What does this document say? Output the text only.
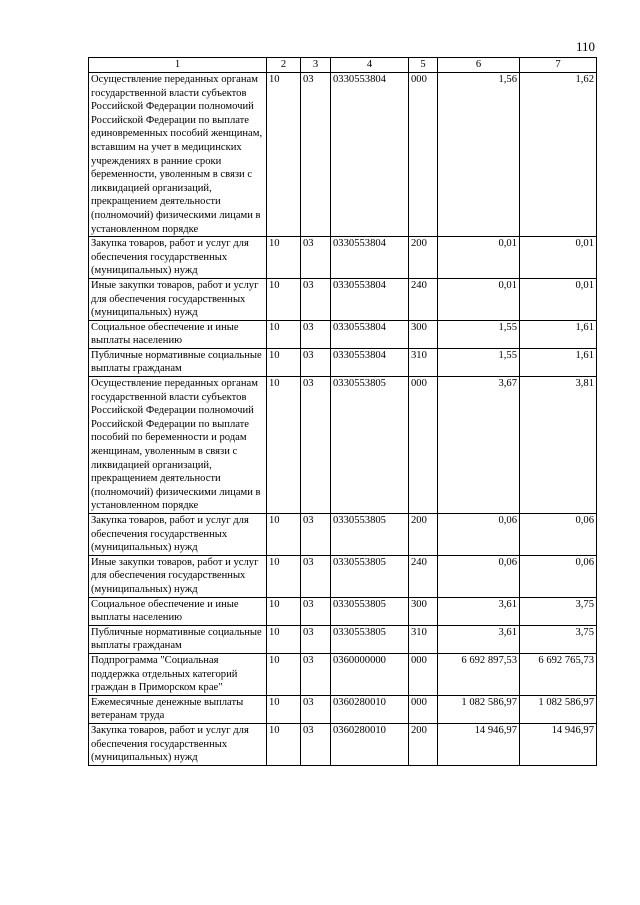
110
1	2	3	4	5	6	7
Осуществление переданных органам государственной власти субъектов Российской Федерации полномочий Российской Федерации по выплате единовременных пособий женщинам, вставшим на учет в медицинских учреждениях в ранние сроки беременности, уволенным в связи с ликвидацией организаций, прекращением деятельности (полномочий) физическими лицами в установленном порядке	10	03	0330553804	000	1,56	1,62
Закупка товаров, работ и услуг для обеспечения государственных (муниципальных) нужд	10	03	0330553804	200	0,01	0,01
Иные закупки товаров, работ и услуг для обеспечения государственных (муниципальных) нужд	10	03	0330553804	240	0,01	0,01
Социальное обеспечение и иные выплаты населению	10	03	0330553804	300	1,55	1,61
Публичные нормативные социальные выплаты гражданам	10	03	0330553804	310	1,55	1,61
Осуществление переданных органам государственной власти субъектов Российской Федерации полномочий Российской Федерации по выплате пособий по беременности и родам женщинам, уволенным в связи с ликвидацией организаций, прекращением деятельности (полномочий) физическими лицами в установленном порядке	10	03	0330553805	000	3,67	3,81
Закупка товаров, работ и услуг для обеспечения государственных (муниципальных) нужд	10	03	0330553805	200	0,06	0,06
Иные закупки товаров, работ и услуг для обеспечения государственных (муниципальных) нужд	10	03	0330553805	240	0,06	0,06
Социальное обеспечение и иные выплаты населению	10	03	0330553805	300	3,61	3,75
Публичные нормативные социальные выплаты гражданам	10	03	0330553805	310	3,61	3,75
Подпрограмма "Социальная поддержка отдельных категорий граждан в Приморском крае"	10	03	0360000000	000	6 692 897,53	6 692 765,73
Ежемесячные денежные выплаты ветеранам труда	10	03	0360280010	000	1 082 586,97	1 082 586,97
Закупка товаров, работ и услуг для обеспечения государственных (муниципальных) нужд	10	03	0360280010	200	14 946,97	14 946,97
